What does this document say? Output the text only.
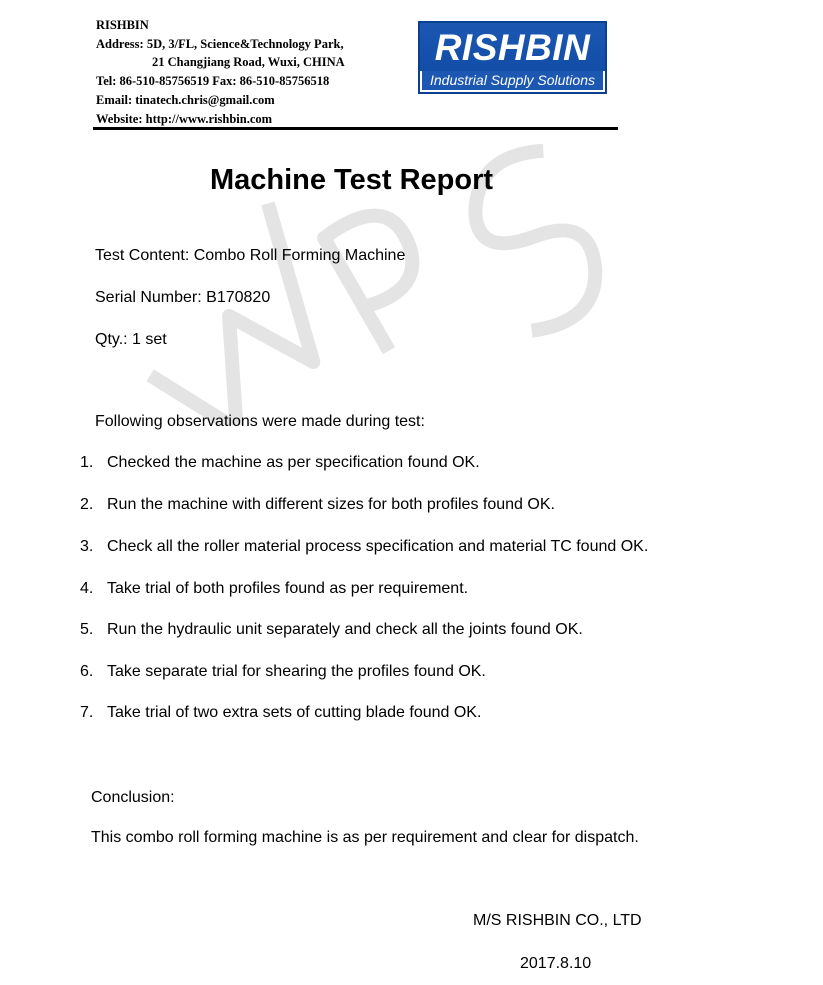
RISHBIN
Address: 5D, 3/FL, Science&Technology Park,
21 Changjiang Road, Wuxi, CHINA
Tel: 86-510-85756519 Fax: 86-510-85756518
Email: tinatech.chris@gmail.com
Website: http://www.rishbin.com
RISHBIN
Industrial Supply Solutions
Machine Test Report
Test Content: Combo Roll Forming Machine
Serial Number: B170820
Qty.: 1 set
Following observations were made during test:
1. Checked the machine as per specification found OK.
2. Run the machine with different sizes for both profiles found OK.
3. Check all the roller material process specification and material TC found OK.
4. Take trial of both profiles found as per requirement.
5. Run the hydraulic unit separately and check all the joints found OK.
6. Take separate trial for shearing the profiles found OK.
7. Take trial of two extra sets of cutting blade found OK.
Conclusion:
This combo roll forming machine is as per requirement and clear for dispatch.
M/S RISHBIN CO., LTD
2017.8.10
